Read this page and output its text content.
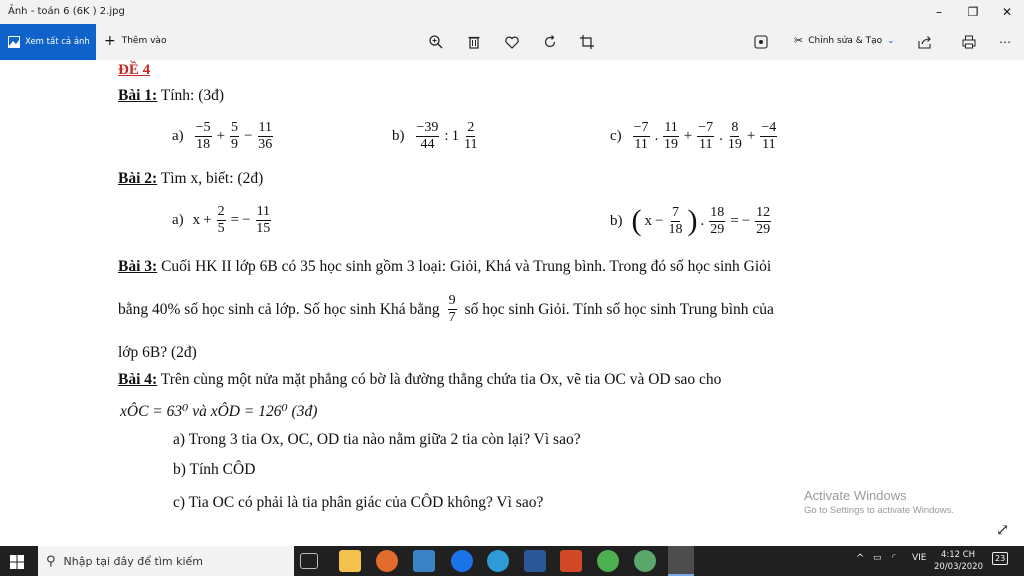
Ảnh - toán 6 (6K ) 2.jpg	–	❐	✕
Xem tất cả ảnh + Thêm vào	✂ Chỉnh sửa & Tạo ⌄	⋯
ĐỀ 4
Bài 1: Tính: (3đ)
$a) \frac{-5}{18} + \frac{5}{9} - \frac{11}{36}$	$b) \frac{-39}{44}$ : $1 \frac{2}{11}$	$c) \frac{-7}{11}$ . $\frac{11}{19} + \frac{-7}{11}$ . $\frac{8}{19} + \frac{-4}{11}$
Bài 2: Tìm x, biết: (2đ)
a) $x + \frac{2}{5}$ = − $\frac{11}{15}$	b) ( $x - \frac{7}{18}$ ) . $\frac{18}{29}$ = − $\frac{12}{29}$
Bài 3: Cuối HK II lớp 6B có 35 học sinh gồm 3 loại: Giỏi, Khá và Trung bình. Trong đó số học sinh Giỏi
bằng 40% số học sinh cả lớp. Số học sinh Khá bằng $\frac{9}{7}$ số học sinh Giỏi. Tính số học sinh Trung bình của
lớp 6B? (2đ)
Bài 4: Trên cùng một nửa mặt phẳng có bờ là đường thẳng chứa tia Ox, vẽ tia OC và OD sao cho
xÔC = 63⁰ và xÔD = 126⁰ (3đ)
a) Trong 3 tia Ox, OC, OD tia nào nằm giữa 2 tia còn lại? Vì sao?
b) Tính CÔD
c) Tia OC có phải là tia phân giác của CÔD không? Vì sao?	Activate Windows
Go to Settings to activate Windows.
⤢
⚲ Nhập tại đây để tìm kiếm	^ ▭ ◜ VIE	4:12 CH
20/03/2020
23
